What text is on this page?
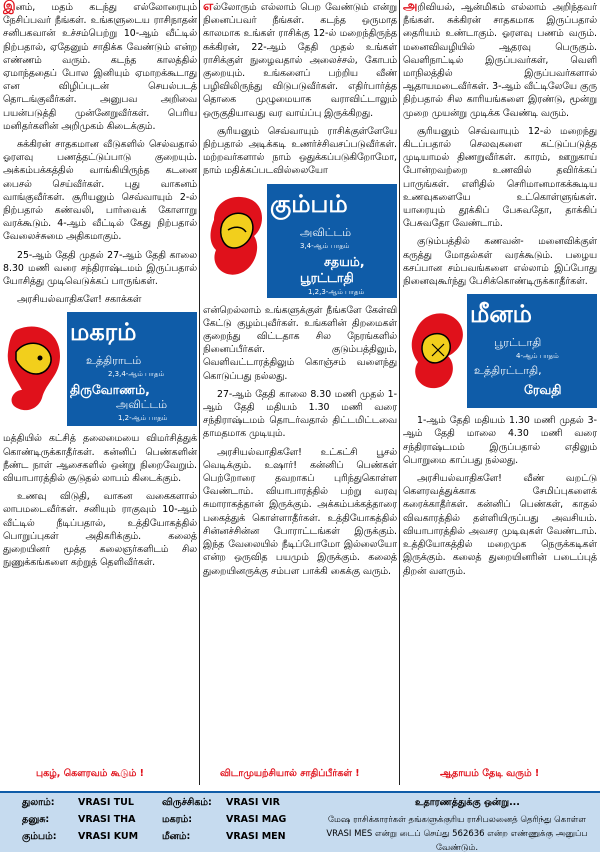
இனம், மதம் கடந்து எல்லோரையும் நேசிப்பவர் நீங்கள். உங்களுடைய ராசிநாதன் சனிபகவான் உச்சம்பெற்று 10-ஆம் வீட்டில் நிற்பதால், ஏதேனும் சாதிக்க வேண்டும் என்ற எண்ணம் வரும். கடந்த காலத்தில் ஏமாந்ததைப் போல இனியும் ஏமாறக்கூடாது என விழிப்புடன் செயல்படத் தொடங்குவீர்கள். அனுபவ அறிவை பயன்படுத்தி முன்னேறுவீர்கள். பெரிய மனிதர்களின் அறிமுகம் கிடைக்கும்.

சுக்கிரன் சாதகமான வீடுகளில் செல்வதால் ஓரளவு பணத்தட்டுப்பாடு குறையும். அக்கம்பக்கத்தில் வாங்கியிருந்த கடனை பைசல் செய்வீர்கள். புது வாகனம் வாங்குவீர்கள். சூரியனும் செவ்வாயும் 2-ல் நிற்பதால் கண்வலி, பார்வைக் கோளாறு வரக்கூடும். 4-ஆம் வீட்டில் கேது நிற்பதால் வேலைச்சுமை அதிகமாகும்.

25-ஆம் தேதி முதல் 27-ஆம் தேதி காலை 8.30 மணி வரை சந்திராஷ்டமம் இருப்பதால் யோசித்து முடிவெடுக்கப் பாருங்கள்.

அரசியல்வாதிகளே! சகாக்கள்

மகரம்
உத்திராடம்
2,3,4-ஆம் பாதம்
திருவோணம்,
அவிட்டம்
1,2-ஆம் பாதம்

மத்தியில் கட்சித் தலைமையை விமர்சித்துக் கொண்டிருக்காதீர்கள். கன்னிப் பெண்களின் நீண்ட நாள் ஆசைகளில் ஒன்று நிறைவேறும். வியாபாரத்தில் சூடுதல் லாபம் கிடைக்கும்.

உணவு விடுதி, வாகன வகைகளால் லாபமடைவீர்கள். சனியும் ராகுவும் 10-ஆம் வீட்டில் நீடிப்பதால், உத்தியோகத்தில் பொறுப்புகள் அதிகரிக்கும். கலைத் துறையினர் மூத்த கலைஞர்களிடம் சில நுணுக்கங்களை கற்றுத் தெளிவீர்கள்.

புகழ், கௌரவம் கூடும் !

எல்லோரும் எல்லாம் பெற வேண்டும் என்று நினைப்பவர் நீங்கள். கடந்த ஒருமாத காலமாக உங்கள் ராசிக்கு 12-ல் மறைந்திருந்த சுக்கிரன், 22-ஆம் தேதி முதல் உங்கள் ராசிக்குள் நுழைவதால் அலைச்சல், கோபம் குறையும். உங்களைப் பற்றிய வீண் பழிவிலிருந்து விடுபடுவீர்கள். எதிர்பார்த்த தொகை முழுமையாக வராவிட்டாலும் ஒருகுதியாவது வர வாய்ப்பு இருக்கிறது.

சூரியனும் செவ்வாயும் ராசிக்குள்ளேயே நிற்பதால் அடிக்கடி உணர்ச்சிவசப்படுவீர்கள். மற்றவர்களால் நாம் ஒதுக்கப்படுகிறோமோ, நாம் மதிக்கப்படவில்லையோ

கும்பம்
அவிட்டம்
3,4-ஆம் பாதம்
சதயம்,
பூரட்டாதி
1,2,3-ஆம் பாதம்

என்றெல்லாம் உங்களுக்குள் நீங்களே கேள்வி கேட்டு குழம்புவீர்கள். உங்களின் திறமைகள் குறைந்து விட்டதாக சில நேரங்களில் நினைப்பீர்கள். குடும்பத்திலும், வெளிவட்டாரத்திலும் கொஞ்சம் வளைந்து கொடுப்பது நல்லது.

27-ஆம் தேதி காலை 8.30 மணி முதல் 1-ஆம் தேதி மதியம் 1.30 மணி வரை சந்திராஷ்டமம் தொடர்வதால் திட்டமிட்டவை தாமதமாக முடியும்.

அரசியல்வாதிகளே! உட்கட்சி பூசல் வெடிக்கும். உஷார்! கன்னிப் பெண்கள் பெற்றோரை தவறாகப் புரிந்துகொள்ள வேண்டாம். வியாபாரத்தில் பற்று வரவு சுமாராகத்தான் இருக்கும். அக்கம்பக்கத்தாரை பகைத்துக் கொள்ளாதீர்கள். உத்தியோகத்தில் சின்னச்சின்ன போராட்டங்கள் இருக்கும். இந்த வேலையில் நீடிப்போமோ இல்லையோ என்ற ஒருவித பயமும் இருக்கும். கலைத் துறையினருக்கு சம்பள பாக்கி கைக்கு வரும்.

விடாமுயற்சியால் சாதிப்பீர்கள் !

அறிவியல், ஆன்மிகம் எல்லாம் அறிந்தவர் நீங்கள். சுக்கிரன் சாதகமாக இருப்பதால் தைரியம் உண்டாகும். ஓரளவு பணம் வரும். மனைவிவழியில் ஆதரவு பெருகும். வெளிநாட்டில் இருப்பவர்கள், வெளி மாநிலத்தில் இருப்பவர்களால் ஆதாயமடைவீர்கள். 3-ஆம் வீட்டிலேயே குரு நிற்பதால் சில காரியங்களை இரண்டு, மூன்று முறை முயன்று முடிக்க வேண்டி வரும்.

சூரியனும் செவ்வாயும் 12-ல் மறைந்து கிடப்பதால் செலவுகளை கட்டுப்படுத்த முடியாமல் திணறுவீர்கள். காரம், ஊறுகாய் போன்றவற்றை உணவில் தவிர்க்கப் பாருங்கள். எளிதில் செரிமானமாகக்கூடிய உணவுகளையே உட்கொள்ளுங்கள். யாரையும் தூக்கிப் பேசுவதோ, தாக்கிப் பேசுவதோ வேண்டாம்.

குடும்பத்தில் கணவன்- மனைவிக்குள் கருத்து மோதல்கள் வரக்கூடும். பழைய கசப்பான சம்பவங்களை எல்லாம் இப்போது நினைவுகூர்ந்து பேசிக்கொண்டிருக்காதீர்கள்.

மீனம்
பூரட்டாதி
4-ஆம் பாதம்
உத்திரட்டாதி,
ரேவதி

1-ஆம் தேதி மதியம் 1.30 மணி முதல் 3-ஆம் தேதி மாலை 4.30 மணி வரை சந்திராஷ்டமம் இருப்பதால் எதிலும் பொறுமை காப்பது நல்லது.

அரசியல்வாதிகளே! வீண் வறட்டு கௌரவத்துக்காக சேமிப்புகளைக் கரைக்காதீர்கள். கன்னிப் பெண்கள், காதல் விவகாரத்தில் தள்ளியிருப்பது அவசியம். வியாபாரத்தில் அவசர முடிவுகள் வேண்டாம். உத்தியோகத்தில் மறைமுக நெருக்கடிகள் இருக்கும். கலைத் துறையினரின் படைப்புத் திறன் வளரும்.

ஆதாயம் தேடி வரும் !
துலாம்: VRASI TUL	விருச்சிகம்: VRASI VIR
தனுசு:	VRASI THA	மகரம்:	VRASI MAG
கும்பம்: VRASI KUM	மீனம்:	VRASI MEN
உதாரணத்துக்கு ஒன்று...
மேஷ ராசிக்காரர்கள் தங்களுக்குரிய ராசிபலனைத் தெரிந்து கொள்ள VRASI MES என்று டைப் செய்து 562636 என்ற எண்ணுக்கு அனுப்ப வேண்டும்.
